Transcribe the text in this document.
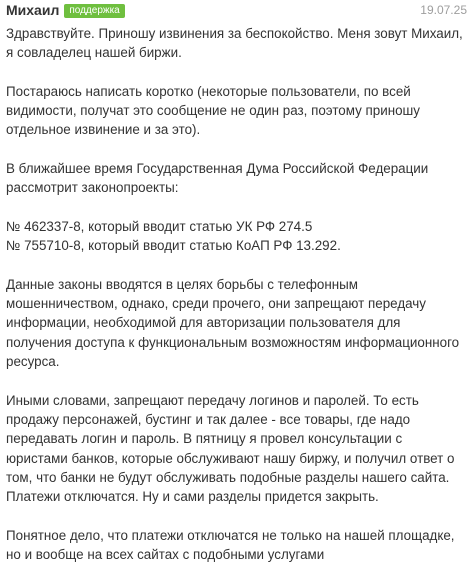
Михаил	поддержка	19.07.25

Здравствуйте. Приношу извинения за беспокойство. Меня зовут Михаил, я совладелец нашей биржи.

Постараюсь написать коротко (некоторые пользователи, по всей видимости, получат это сообщение не один раз, поэтому приношу отдельное извинение и за это).

В ближайшее время Государственная Дума Российской Федерации рассмотрит законопроекты:
№ 462337-8, который вводит статью УК РФ 274.5
№ 755710-8, который вводит статью КоАП РФ 13.292.

Данные законы вводятся в целях борьбы с телефонным мошенничеством, однако, среди прочего, они запрещают передачу информации, необходимой для авторизации пользователя для получения доступа к функциональным возможностям информационного ресурса.

Иными словами, запрещают передачу логинов и паролей. То есть продажу персонажей, бустинг и так далее - все товары, где надо передавать логин и пароль. В пятницу я провел консультации с юристами банков, которые обслуживают нашу биржу, и получил ответ о том, что банки не будут обслуживать подобные разделы нашего сайта. Платежи отключатся. Ну и сами разделы придется закрыть.

Понятное дело, что платежи отключатся не только на нашей площадке, но и вообще на всех сайтах с подобными услугами
